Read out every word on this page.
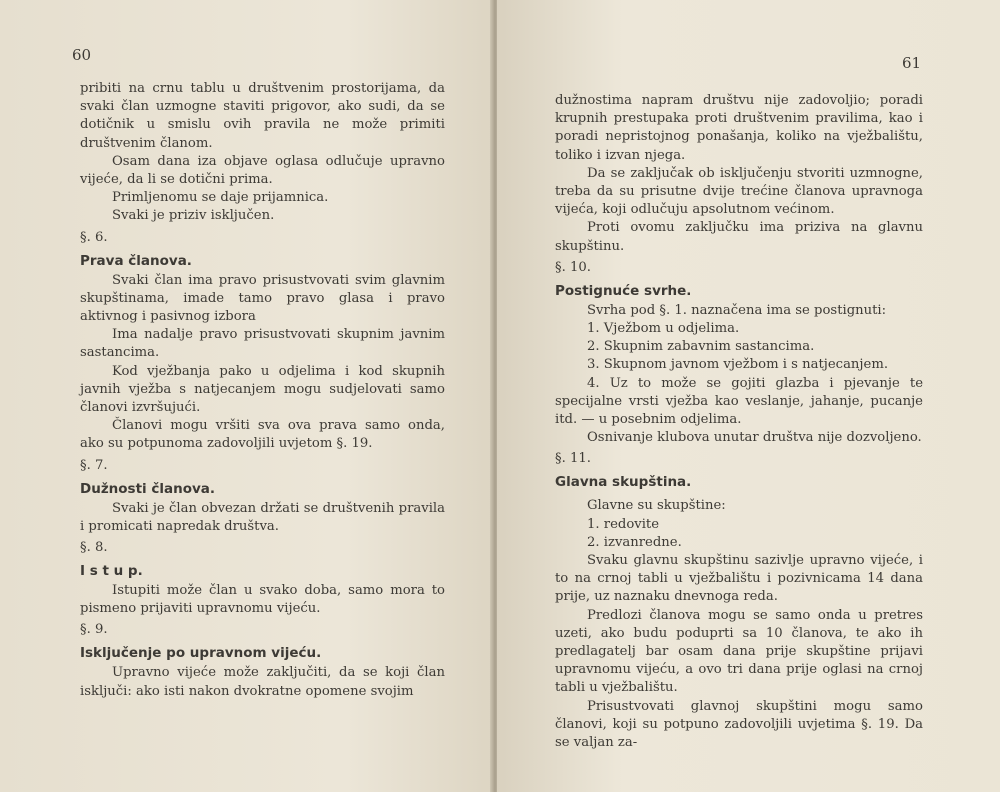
60

pribiti na crnu tablu u društvenim prostorijama, da svaki član uzmogne staviti prigovor, ako sudi, da se dotičnik u smislu ovih pravila ne može primiti društvenim članom.

Osam dana iza objave oglasa odlučuje upravno vijeće, da li se dotični prima.

Primljenomu se daje prijamnica.

Svaki je priziv isključen.

§. 6.

Prava članova.

Svaki član ima pravo prisustvovati svim glavnim skupštinama, imade tamo pravo glasa i pravo aktivnog i pasivnog izbora

Ima nadalje pravo prisustvovati skupnim javnim sastancima.

Kod vježbanja pako u odjelima i kod skupnih javnih vježba s natjecanjem mogu sudjelovati samo članovi izvršujući.

Članovi mogu vršiti sva ova prava samo onda, ako su potpunoma zadovoljili uvjetom §. 19.

§. 7.

Dužnosti članova.

Svaki je član obvezan držati se društvenih pravila i promicati napredak društva.

§. 8.

I s t u p.

Istupiti može član u svako doba, samo mora to pismeno prijaviti upravnomu vijeću.

§. 9.

Isključenje po upravnom vijeću.

Upravno vijeće može zaključiti, da se koji član isključi: ako isti nakon dvokratne opomene svojim

61

dužnostima napram društvu nije zadovoljio; poradi krupnih prestupaka proti društvenim pravilima, kao i poradi nepristojnog ponašanja, koliko na vježbalištu, toliko i izvan njega.

Da se zaključak ob isključenju stvoriti uzmnogne, treba da su prisutne dvije trećine članova upravnoga vijeća, koji odlučuju apsolutnom većinom.

Proti ovomu zaključku ima priziva na glavnu skupštinu.

§. 10.

Postignuće svrhe.

Svrha pod §. 1. naznačena ima se postignuti:

1. Vježbom u odjelima.

2. Skupnim zabavnim sastancima.

3. Skupnom javnom vježbom i s natjecanjem.

4. Uz to može se gojiti glazba i pjevanje te specijalne vrsti vježba kao veslanje, jahanje, pucanje itd. — u posebnim odjelima.

Osnivanje klubova unutar društva nije dozvoljeno.

§. 11.

Glavna skupština.

Glavne su skupštine:

1. redovite

2. izvanredne.

Svaku glavnu skupštinu sazivlje upravno vijeće, i to na crnoj tabli u vježbalištu i pozivnicama 14 dana prije, uz naznaku dnevnoga reda.

Predlozi članova mogu se samo onda u pretres uzeti, ako budu poduprti sa 10 članova, te ako ih predlagatelj bar osam dana prije skupštine prijavi upravnomu vijeću, a ovo tri dana prije oglasi na crnoj tabli u vježbalištu.

Prisustvovati glavnoj skupštini mogu samo članovi, koji su potpuno zadovoljili uvjetima §. 19. Da se valjan za-
